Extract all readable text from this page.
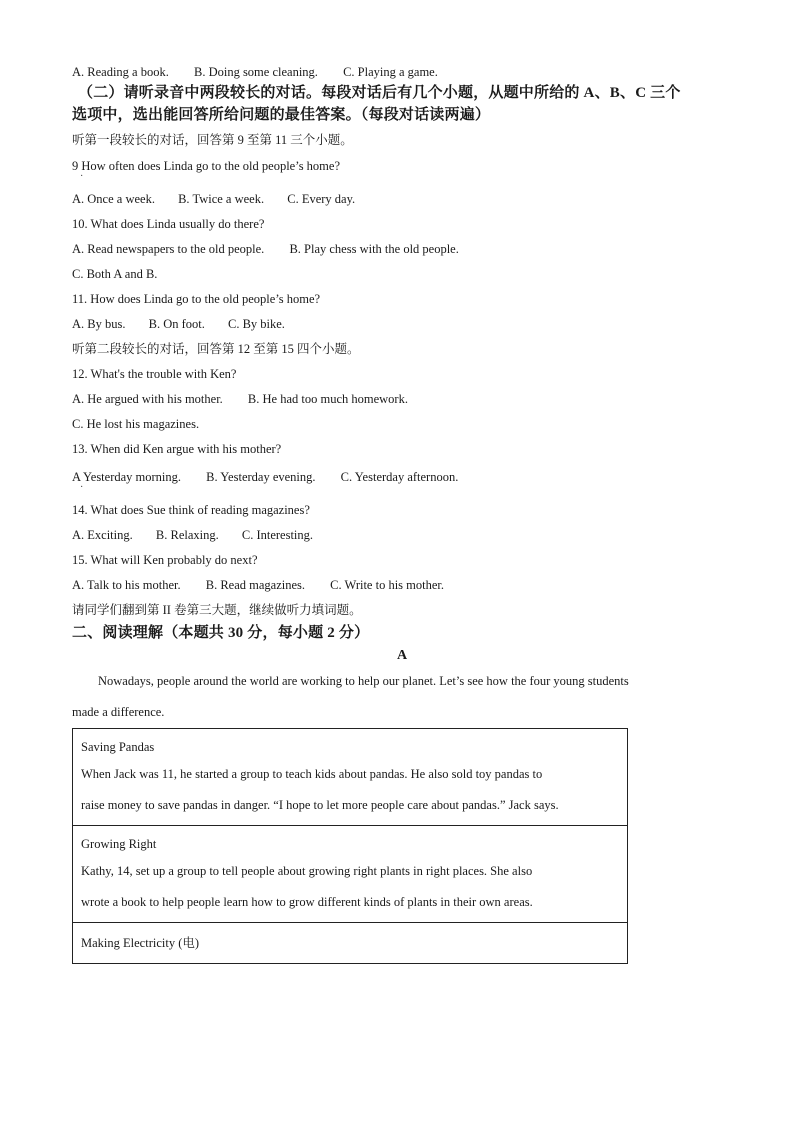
A. Reading a book. B. Doing some cleaning. C. Playing a game.
（二）请听录音中两段较长的对话。每段对话后有几个小题，从题中所给的 A、B、C 三个
选项中，选出能回答所给问题的最佳答案。（每段对话读两遍）
听第一段较长的对话，回答第 9 至第 11 三个小题。
9 How often does Linda go to the old people’s home?
·
A. Once a week. B. Twice a week. C. Every day.
10. What does Linda usually do there?
A. Read newspapers to the old people. B. Play chess with the old people.
C. Both A and B.
11. How does Linda go to the old people’s home?
A. By bus. B. On foot. C. By bike.
听第二段较长的对话，回答第 12 至第 15 四个小题。
12. What's the trouble with Ken?
A. He argued with his mother. B. He had too much homework.
C. He lost his magazines.
13. When did Ken argue with his mother?
A Yesterday morning. B. Yesterday evening. C. Yesterday afternoon.
·
14. What does Sue think of reading magazines?
A. Exciting. B. Relaxing. C. Interesting.
15. What will Ken probably do next?
A. Talk to his mother. B. Read magazines. C. Write to his mother.
请同学们翻到第 II 卷第三大题，继续做听力填词题。
二、阅读理解（本题共 30 分，每小题 2 分）
A
Nowadays, people around the world are working to help our planet. Let’s see how the four young students
made a difference.
Saving Pandas
When Jack was 11, he started a group to teach kids about pandas. He also sold toy pandas to
raise money to save pandas in danger. “I hope to let more people care about pandas.” Jack says.

Growing Right
Kathy, 14, set up a group to tell people about growing right plants in right places. She also
wrote a book to help people learn how to grow different kinds of plants in their own areas.

Making Electricity (电)
